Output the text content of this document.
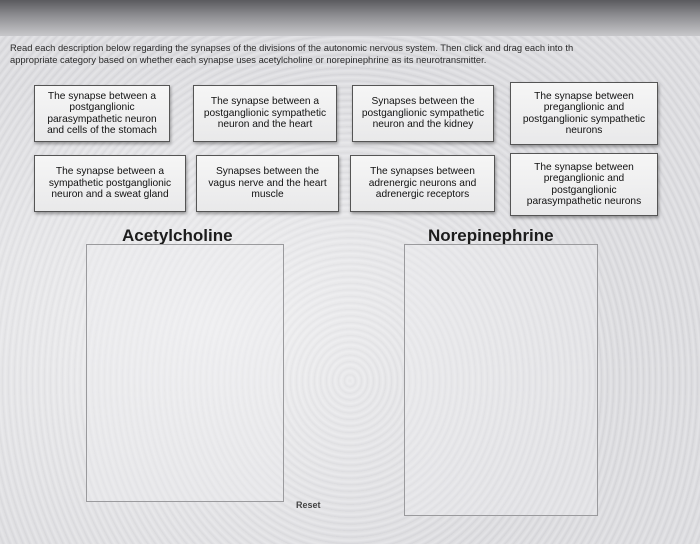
Read each description below regarding the synapses of the divisions of the autonomic nervous system. Then click and drag each into th
appropriate category based on whether each synapse uses acetylcholine or norepinephrine as its neurotransmitter.
The synapse between a
postganglionic
parasympathetic neuron
and cells of the stomach
The synapse between a
postganglionic sympathetic
neuron and the heart
Synapses between the
postganglionic sympathetic
neuron and the kidney
The synapse between
preganglionic and
postganglionic sympathetic
neurons
The synapse between a
sympathetic postganglionic
neuron and a sweat gland
Synapses between the
vagus nerve and the heart
muscle
The synapses between
adrenergic neurons and
adrenergic receptors
The synapse between
preganglionic and
postganglionic
parasympathetic neurons
Acetylcholine	Norepinephrine
Reset
